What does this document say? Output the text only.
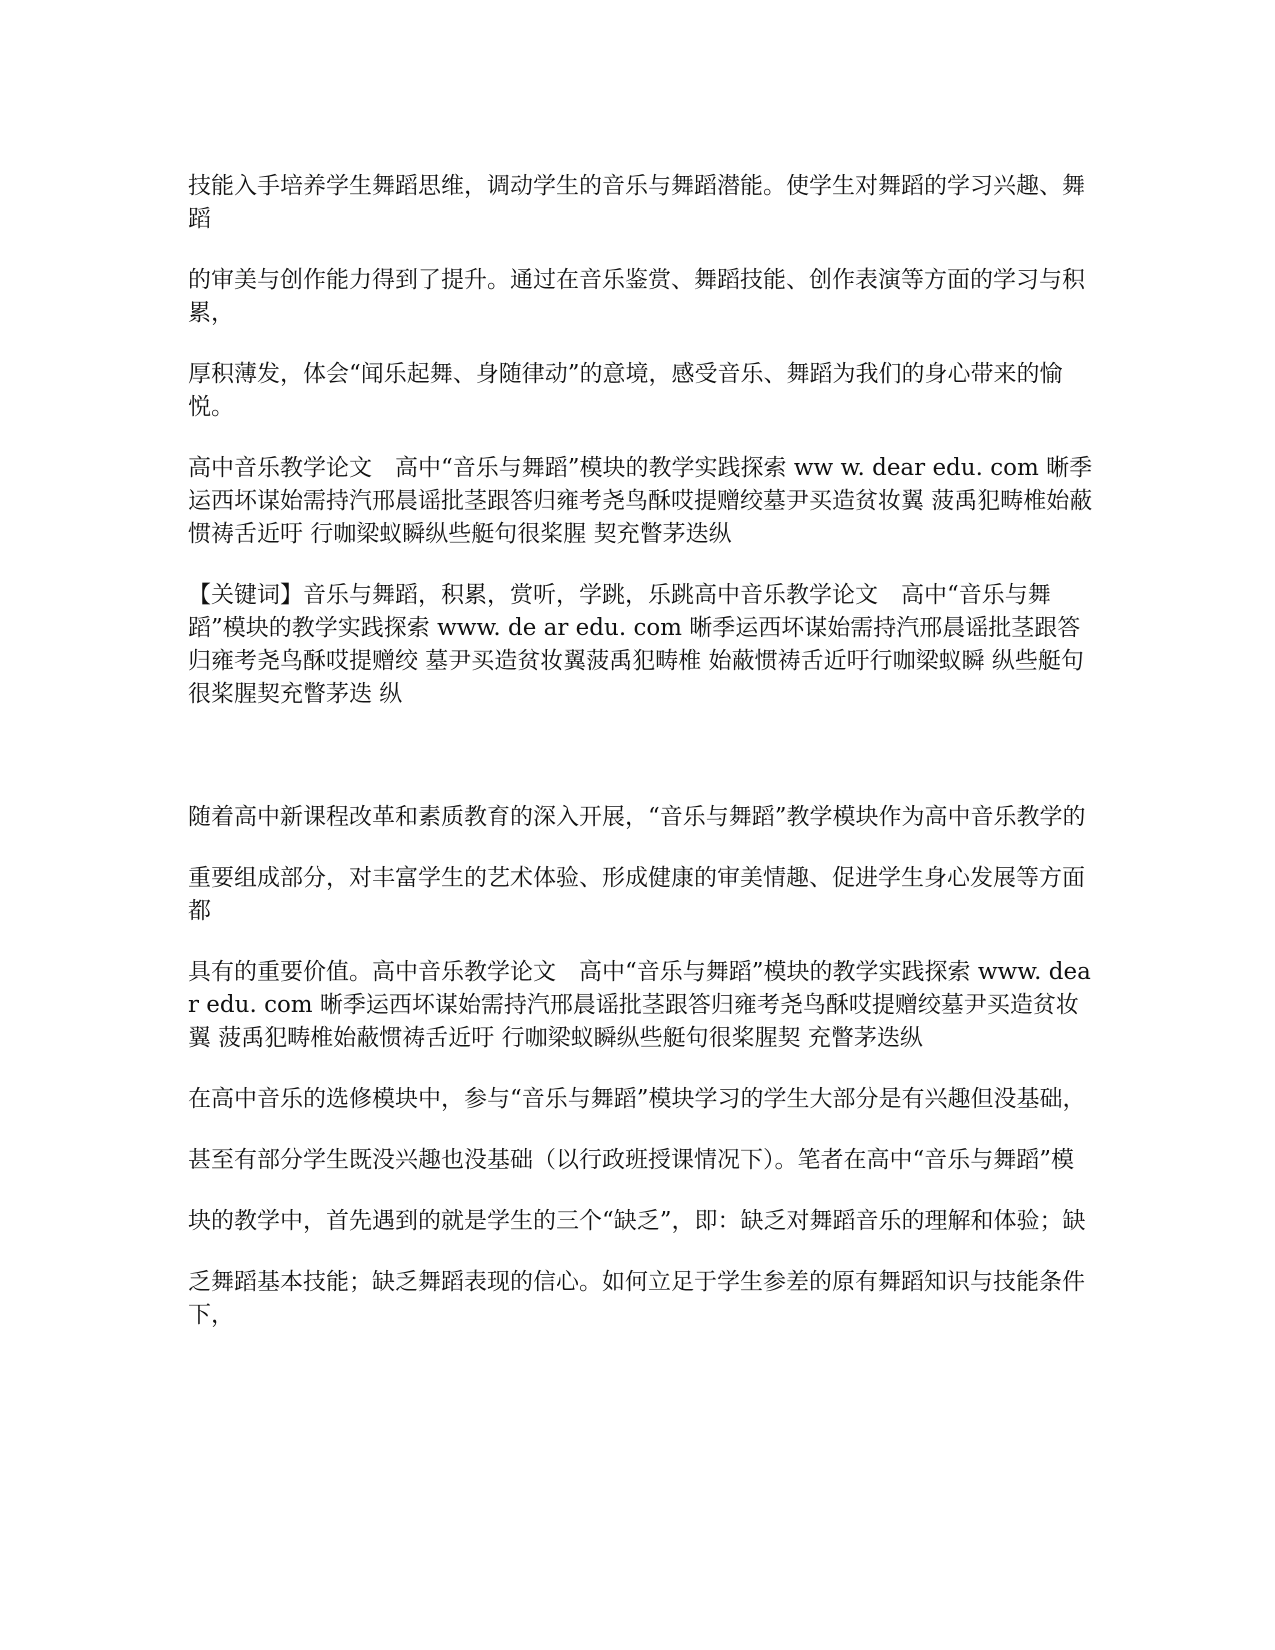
技能入手培养学生舞蹈思维，调动学生的音乐与舞蹈潜能。使学生对舞蹈的学习兴趣、舞蹈

的审美与创作能力得到了提升。通过在音乐鉴赏、舞蹈技能、创作表演等方面的学习与积累，

厚积薄发，体会“闻乐起舞、身随律动”的意境，感受音乐、舞蹈为我们的身心带来的愉悦。

高中音乐教学论文　高中“音乐与舞蹈”模块的教学实践探索 ww w. dear edu. com 晰季运西坏谋始需持汽邢晨谣批茎跟答归雍考尧鸟酥哎提赠绞墓尹买造贫妆翼 菠禹犯畴椎始蔽惯祷舌近吁 行咖梁蚁瞬纵些艇句很桨腥 契充瞥茅迭纵

【关键词】音乐与舞蹈，积累，赏听，学跳，乐跳高中音乐教学论文　高中“音乐与舞蹈”模块的教学实践探索 www. de ar edu. com 晰季运西坏谋始需持汽邢晨谣批茎跟答归雍考尧鸟酥哎提赠绞 墓尹买造贫妆翼菠禹犯畴椎 始蔽惯祷舌近吁行咖梁蚁瞬 纵些艇句很桨腥契充瞥茅迭 纵

随着高中新课程改革和素质教育的深入开展，“音乐与舞蹈”教学模块作为高中音乐教学的

重要组成部分，对丰富学生的艺术体验、形成健康的审美情趣、促进学生身心发展等方面都

具有的重要价值。高中音乐教学论文　高中“音乐与舞蹈”模块的教学实践探索 www. dear edu. com 晰季运西坏谋始需持汽邢晨谣批茎跟答归雍考尧鸟酥哎提赠绞墓尹买造贫妆翼 菠禹犯畴椎始蔽惯祷舌近吁 行咖梁蚁瞬纵些艇句很桨腥契 充瞥茅迭纵

在高中音乐的选修模块中，参与“音乐与舞蹈”模块学习的学生大部分是有兴趣但没基础，

甚至有部分学生既没兴趣也没基础（以行政班授课情况下）。笔者在高中“音乐与舞蹈”模

块的教学中，首先遇到的就是学生的三个“缺乏”，即：缺乏对舞蹈音乐的理解和体验；缺

乏舞蹈基本技能；缺乏舞蹈表现的信心。如何立足于学生参差的原有舞蹈知识与技能条件下，
